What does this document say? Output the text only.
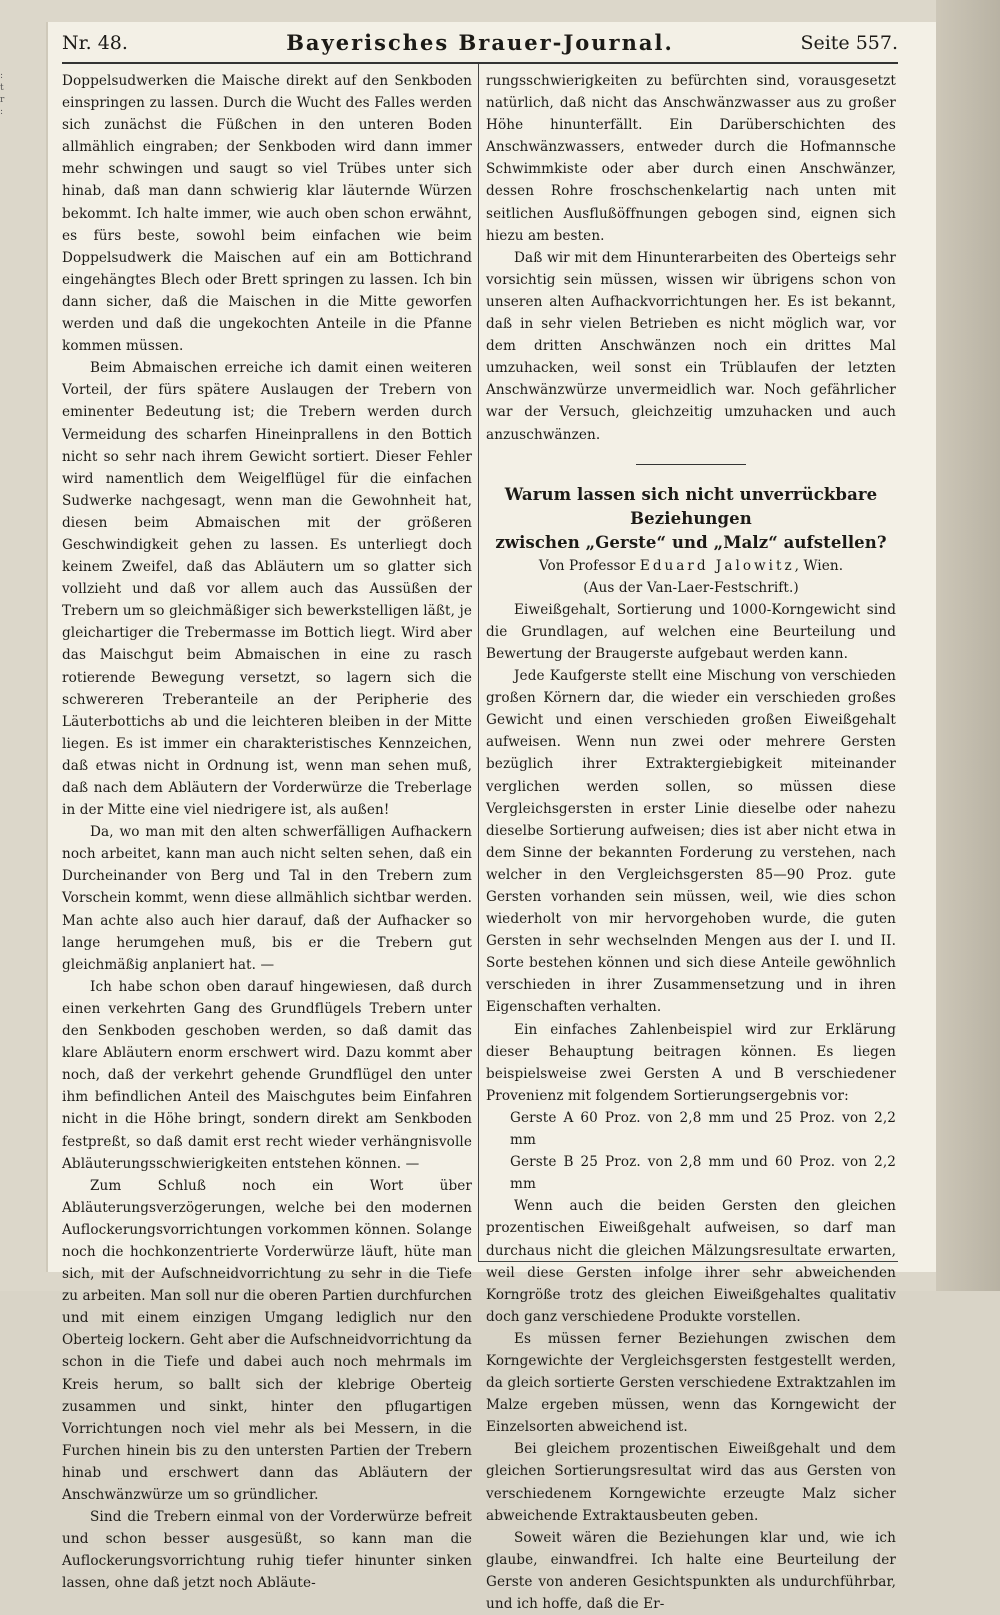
:
t
r
:
Nr. 48.	Bayerisches Brauer-Journal.	Seite 557.

Doppelsudwerken die Maische direkt auf den Senkboden einspringen zu lassen. Durch die Wucht des Falles werden sich zunächst die Füßchen in den unteren Boden allmählich eingraben; der Senkboden wird dann immer mehr schwingen und saugt so viel Trübes unter sich hinab, daß man dann schwierig klar läuternde Würzen bekommt. Ich halte immer, wie auch oben schon erwähnt, es fürs beste, sowohl beim einfachen wie beim Doppelsudwerk die Maischen auf ein am Bottichrand eingehängtes Blech oder Brett springen zu lassen. Ich bin dann sicher, daß die Maischen in die Mitte geworfen werden und daß die ungekochten Anteile in die Pfanne kommen müssen.

Beim Abmaischen erreiche ich damit einen weiteren Vorteil, der fürs spätere Auslaugen der Trebern von eminenter Bedeutung ist; die Trebern werden durch Vermeidung des scharfen Hineinprallens in den Bottich nicht so sehr nach ihrem Gewicht sortiert. Dieser Fehler wird namentlich dem Weigelflügel für die einfachen Sudwerke nachgesagt, wenn man die Gewohnheit hat, diesen beim Abmaischen mit der größeren Geschwindigkeit gehen zu lassen. Es unterliegt doch keinem Zweifel, daß das Abläutern um so glatter sich vollzieht und daß vor allem auch das Aussüßen der Trebern um so gleichmäßiger sich bewerkstelligen läßt, je gleichartiger die Trebermasse im Bottich liegt. Wird aber das Maischgut beim Abmaischen in eine zu rasch rotierende Bewegung versetzt, so lagern sich die schwereren Treberanteile an der Peripherie des Läuterbottichs ab und die leichteren bleiben in der Mitte liegen. Es ist immer ein charakteristisches Kennzeichen, daß etwas nicht in Ordnung ist, wenn man sehen muß, daß nach dem Abläutern der Vorderwürze die Treberlage in der Mitte eine viel niedrigere ist, als außen!

Da, wo man mit den alten schwerfälligen Aufhackern noch arbeitet, kann man auch nicht selten sehen, daß ein Durcheinander von Berg und Tal in den Trebern zum Vorschein kommt, wenn diese allmählich sichtbar werden. Man achte also auch hier darauf, daß der Aufhacker so lange herumgehen muß, bis er die Trebern gut gleichmäßig anplaniert hat. —

Ich habe schon oben darauf hingewiesen, daß durch einen verkehrten Gang des Grundflügels Trebern unter den Senkboden geschoben werden, so daß damit das klare Abläutern enorm erschwert wird. Dazu kommt aber noch, daß der verkehrt gehende Grundflügel den unter ihm befindlichen Anteil des Maischgutes beim Einfahren nicht in die Höhe bringt, sondern direkt am Senkboden festpreßt, so daß damit erst recht wieder verhängnisvolle Abläuterungsschwierigkeiten entstehen können. —

Zum Schluß noch ein Wort über Abläuterungsverzögerungen, welche bei den modernen Auflockerungsvorrichtungen vorkommen können. Solange noch die hochkonzentrierte Vorderwürze läuft, hüte man sich, mit der Aufschneidvorrichtung zu sehr in die Tiefe zu arbeiten. Man soll nur die oberen Partien durchfurchen und mit einem einzigen Umgang lediglich nur den Oberteig lockern. Geht aber die Aufschneidvorrichtung da schon in die Tiefe und dabei auch noch mehrmals im Kreis herum, so ballt sich der klebrige Oberteig zusammen und sinkt, hinter den pflugartigen Vorrichtungen noch viel mehr als bei Messern, in die Furchen hinein bis zu den untersten Partien der Trebern hinab und erschwert dann das Abläutern der Anschwänzwürze um so gründlicher.

Sind die Trebern einmal von der Vorderwürze befreit und schon besser ausgesüßt, so kann man die Auflockerungsvorrichtung ruhig tiefer hinunter sinken lassen, ohne daß jetzt noch Abläute-

rungsschwierigkeiten zu befürchten sind, vorausgesetzt natürlich, daß nicht das Anschwänzwasser aus zu großer Höhe hinunterfällt. Ein Darüberschichten des Anschwänzwassers, entweder durch die Hofmannsche Schwimmkiste oder aber durch einen Anschwänzer, dessen Rohre froschschenkelartig nach unten mit seitlichen Ausflußöffnungen gebogen sind, eignen sich hiezu am besten.

Daß wir mit dem Hinunterarbeiten des Oberteigs sehr vorsichtig sein müssen, wissen wir übrigens schon von unseren alten Aufhackvorrichtungen her. Es ist bekannt, daß in sehr vielen Betrieben es nicht möglich war, vor dem dritten Anschwänzen noch ein drittes Mal umzuhacken, weil sonst ein Trüblaufen der letzten Anschwänzwürze unvermeidlich war. Noch gefährlicher war der Versuch, gleichzeitig umzuhacken und auch anzuschwänzen.

Warum lassen sich nicht unverrückbare Beziehungen
zwischen „Gerste“ und „Malz“ aufstellen?

Von Professor Eduard Jalowitz, Wien.

(Aus der Van-Laer-Festschrift.)

Eiweißgehalt, Sortierung und 1000-Korngewicht sind die Grundlagen, auf welchen eine Beurteilung und Bewertung der Braugerste aufgebaut werden kann.

Jede Kaufgerste stellt eine Mischung von verschieden großen Körnern dar, die wieder ein verschieden großes Gewicht und einen verschieden großen Eiweißgehalt aufweisen. Wenn nun zwei oder mehrere Gersten bezüglich ihrer Extraktergiebigkeit miteinander verglichen werden sollen, so müssen diese Vergleichsgersten in erster Linie dieselbe oder nahezu dieselbe Sortierung aufweisen; dies ist aber nicht etwa in dem Sinne der bekannten Forderung zu verstehen, nach welcher in den Vergleichsgersten 85—90 Proz. gute Gersten vorhanden sein müssen, weil, wie dies schon wiederholt von mir hervorgehoben wurde, die guten Gersten in sehr wechselnden Mengen aus der I. und II. Sorte bestehen können und sich diese Anteile gewöhnlich verschieden in ihrer Zusammensetzung und in ihren Eigenschaften verhalten.

Ein einfaches Zahlenbeispiel wird zur Erklärung dieser Behauptung beitragen können. Es liegen beispielsweise zwei Gersten A und B verschiedener Provenienz mit folgendem Sortierungsergebnis vor:

Gerste A 60 Proz. von 2,8 mm und 25 Proz. von 2,2 mm

Gerste B 25 Proz. von 2,8 mm und 60 Proz. von 2,2 mm

Wenn auch die beiden Gersten den gleichen prozentischen Eiweißgehalt aufweisen, so darf man durchaus nicht die gleichen Mälzungsresultate erwarten, weil diese Gersten infolge ihrer sehr abweichenden Korngröße trotz des gleichen Eiweißgehaltes qualitativ doch ganz verschiedene Produkte vorstellen.

Es müssen ferner Beziehungen zwischen dem Korngewichte der Vergleichsgersten festgestellt werden, da gleich sortierte Gersten verschiedene Extraktzahlen im Malze ergeben müssen, wenn das Korngewicht der Einzelsorten abweichend ist.

Bei gleichem prozentischen Eiweißgehalt und dem gleichen Sortierungsresultat wird das aus Gersten von verschiedenem Korngewichte erzeugte Malz sicher abweichende Extraktausbeuten geben.

Soweit wären die Beziehungen klar und, wie ich glaube, einwandfrei. Ich halte eine Beurteilung der Gerste von anderen Gesichtspunkten als undurchführbar, und ich hoffe, daß die Er-
